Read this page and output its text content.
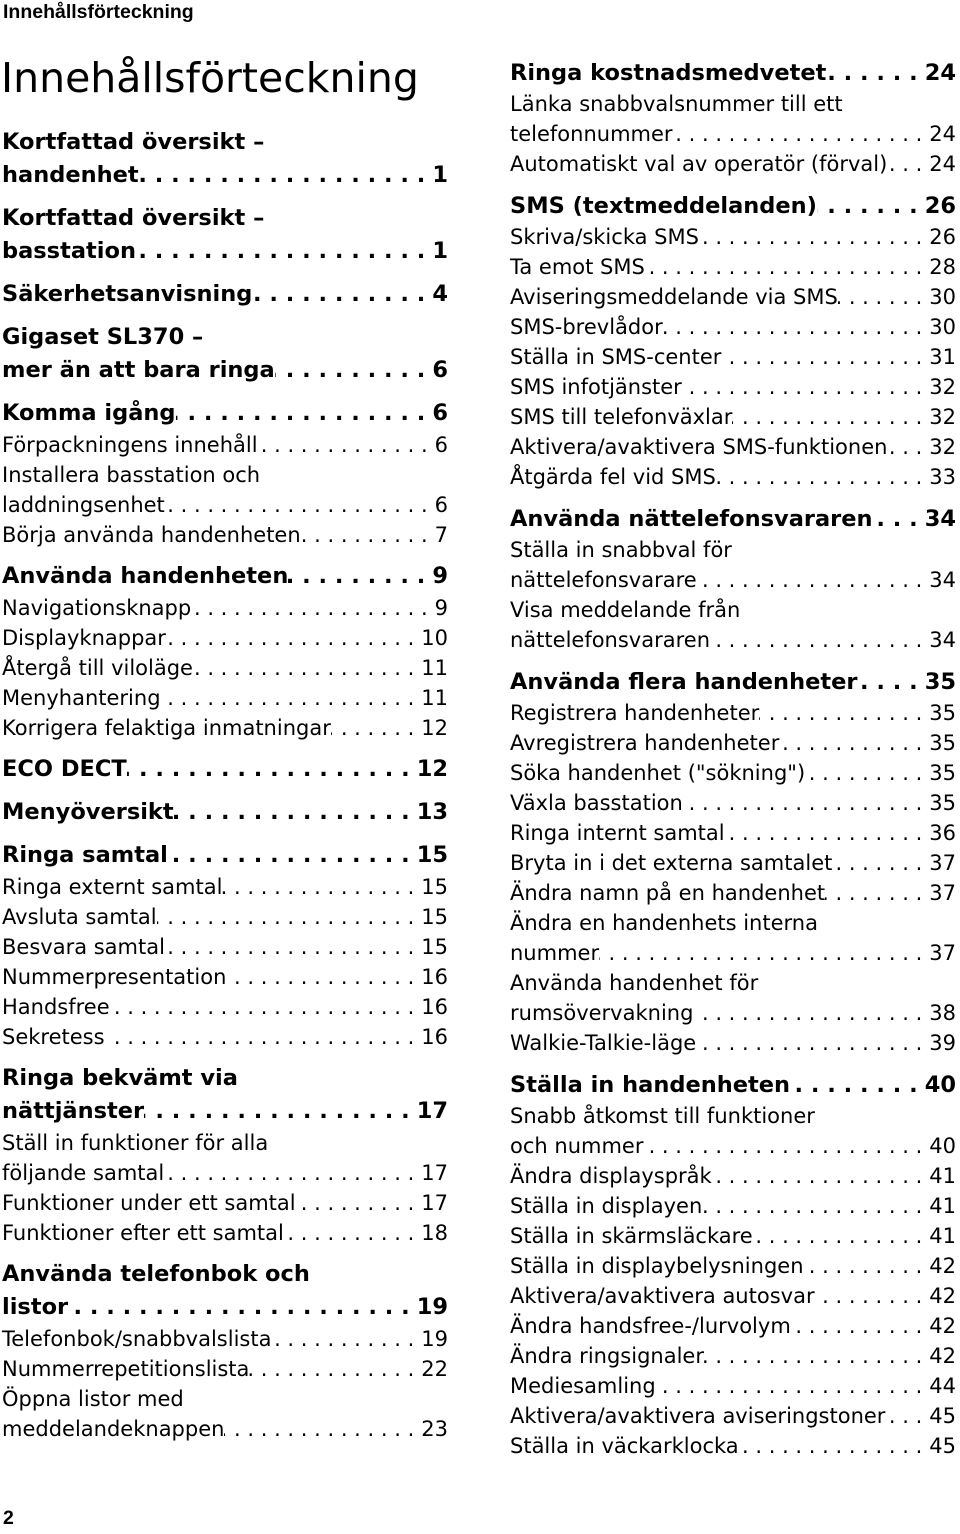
Innehållsförteckning
Innehållsförteckning
Kortfattad översikt –
handenhet . . .	1
Kortfattad översikt –
basstation . . .	1
Säkerhetsanvisning . . .	4
Gigaset SL370 –
mer än att bara ringa . . .	6
Komma igång . . .	6
Förpackningens innehåll . . .	6
Installera basstation och
laddningsenhet . . .	6
Börja använda handenheten . . .	7
Använda handenheten . . .	9
Navigationsknapp . . .	9
Displayknappar . . .	10
Återgå till viloläge . . .	11
Menyhantering . . .	11
Korrigera felaktiga inmatningar . . .	12
ECO DECT . . .	12
Menyöversikt . . .	13
Ringa samtal . . .	15
Ringa externt samtal . . .	15
Avsluta samtal . . .	15
Besvara samtal . . .	15
Nummerpresentation . . .	16
Handsfree . . .	16
Sekretess . . .	16
Ringa bekvämt via
nättjänster . . .	17
Ställ in funktioner för alla
följande samtal . . .	17
Funktioner under ett samtal . . .	17
Funktioner efter ett samtal . . .	18
Använda telefonbok och
listor . . .	19
Telefonbok/snabbvalslista . . .	19
Nummerrepetitionslista . . .	22
Öppna listor med
meddelandeknappen . . .	23
Ringa kostnadsmedvetet . . .	24
Länka snabbvalsnummer till ett
telefonnummer . . .	24
Automatiskt val av operatör (förval) . . . 24
SMS (textmeddelanden) . . .	26
Skriva/skicka SMS . . .	26
Ta emot SMS . . .	28
Aviseringsmeddelande via SMS . . .	30
SMS-brevlådor . . .	30
Ställa in SMS-center . . .	31
SMS infotjänster . . .	32
SMS till telefonväxlar . . .	32
Aktivera/avaktivera SMS-funktionen . . . 32
Åtgärda fel vid SMS . . .	33
Använda nättelefonsvararen . . . 34
Ställa in snabbval för
nättelefonsvarare . . .	34
Visa meddelande från
nättelefonsvararen . . .	34
Använda flera handenheter . . .	35
Registrera handenheter . . .	35
Avregistrera handenheter . . .	35
Söka handenhet ("sökning") . . .	35
Växla basstation . . .	35
Ringa internt samtal . . .	36
Bryta in i det externa samtalet . . .	37
Ändra namn på en handenhet . . .	37
Ändra en handenhets interna
nummer . . .	37
Använda handenhet för
rumsövervakning . . .	38
Walkie-Talkie-läge . . .	39
Ställa in handenheten . . .	40
Snabb åtkomst till funktioner
och nummer . . .	40
Ändra displayspråk . . .	41
Ställa in displayen . . .	41
Ställa in skärmsläckare . . .	41
Ställa in displaybelysningen . . .	42
Aktivera/avaktivera autosvar . . .	42
Ändra handsfree-/lurvolym . . .	42
Ändra ringsignaler . . .	42
Mediesamling . . .	44
Aktivera/avaktivera aviseringstoner . . . 45
Ställa in väckarklocka . . .	45
2
